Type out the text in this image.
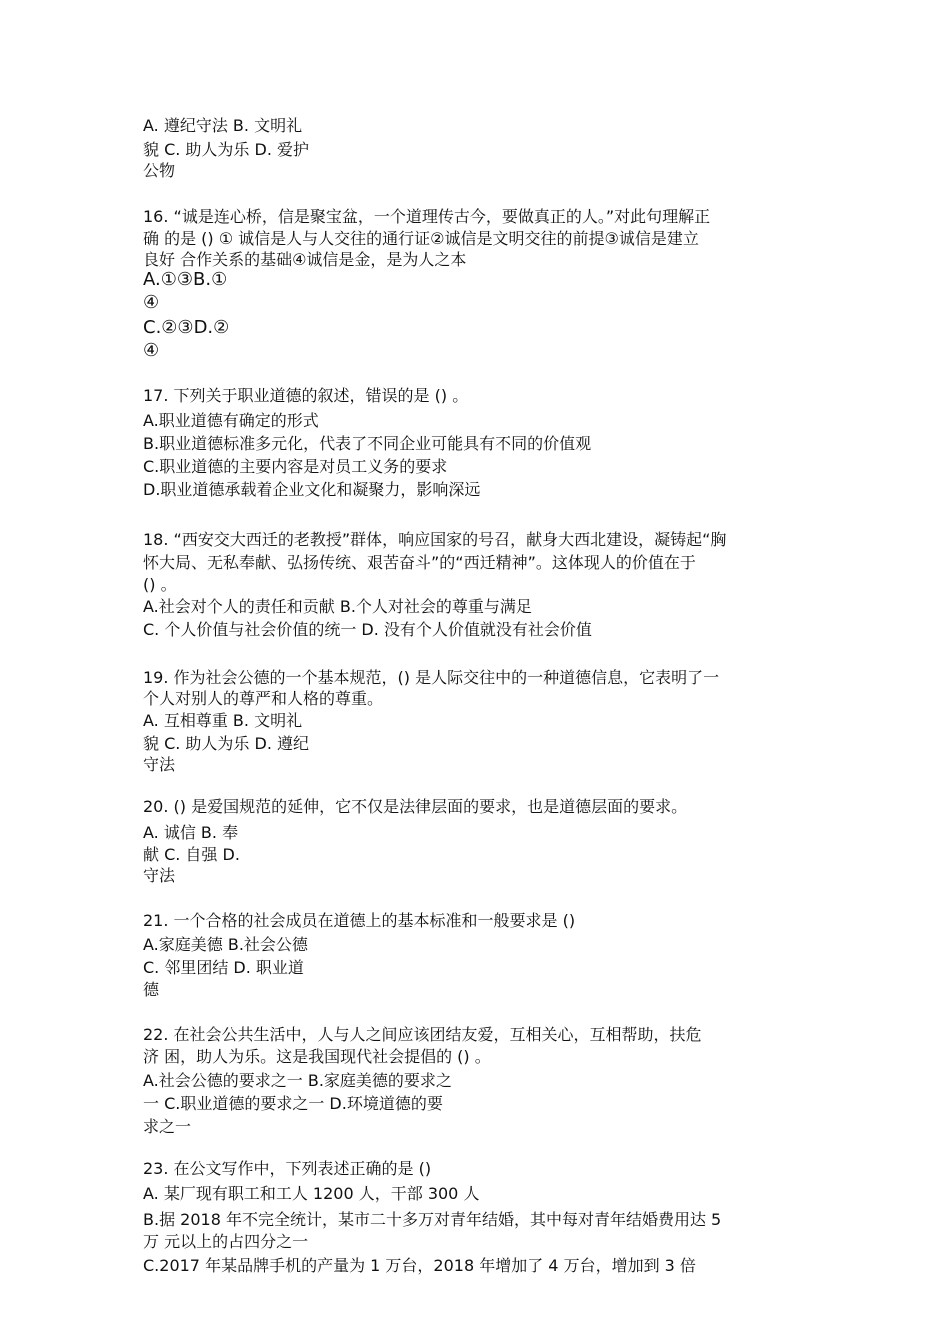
A. 遵纪守法 B. 文明礼
貌 C. 助人为乐 D. 爱护
公物
16. “诚是连心桥，信是聚宝盆，一个道理传古今，要做真正的人。”对此句理解正
确 的是 () ① 诚信是人与人交往的通行证②诚信是文明交往的前提③诚信是建立
良好 合作关系的基础④诚信是金，是为人之本
A.①③B.①
④
C.②③D.②
④
17. 下列关于职业道德的叙述，错误的是 () 。
A.职业道德有确定的形式
B.职业道德标准多元化，代表了不同企业可能具有不同的价值观
C.职业道德的主要内容是对员工义务的要求
D.职业道德承载着企业文化和凝聚力，影响深远
18. “西安交大西迁的老教授”群体，响应国家的号召，献身大西北建设，凝铸起“胸
怀大局、无私奉献、弘扬传统、艰苦奋斗”的“西迁精神”。这体现人的价值在于
() 。
A.社会对个人的责任和贡献 B.个人对社会的尊重与满足
C. 个人价值与社会价值的统一 D. 没有个人价值就没有社会价值
19. 作为社会公德的一个基本规范，() 是人际交往中的一种道德信息，它表明了一
个人对别人的尊严和人格的尊重。
A. 互相尊重 B. 文明礼
貌 C. 助人为乐 D. 遵纪
守法
20. () 是爱国规范的延伸，它不仅是法律层面的要求，也是道德层面的要求。
A. 诚信 B. 奉
献 C. 自强 D.
守法
21. 一个合格的社会成员在道德上的基本标准和一般要求是 ()
A.家庭美德 B.社会公德
C. 邻里团结 D. 职业道
德
22. 在社会公共生活中，人与人之间应该团结友爱，互相关心，互相帮助，扶危
济 困，助人为乐。这是我国现代社会提倡的 () 。
A.社会公德的要求之一 B.家庭美德的要求之
一 C.职业道德的要求之一 D.环境道德的要
求之一
23. 在公文写作中，下列表述正确的是 ()
A. 某厂现有职工和工人 1200 人，干部 300 人
B.据 2018 年不完全统计，某市二十多万对青年结婚，其中每对青年结婚费用达 5
万 元以上的占四分之一
C.2017 年某品牌手机的产量为 1 万台，2018 年增加了 4 万台，增加到 3 倍
